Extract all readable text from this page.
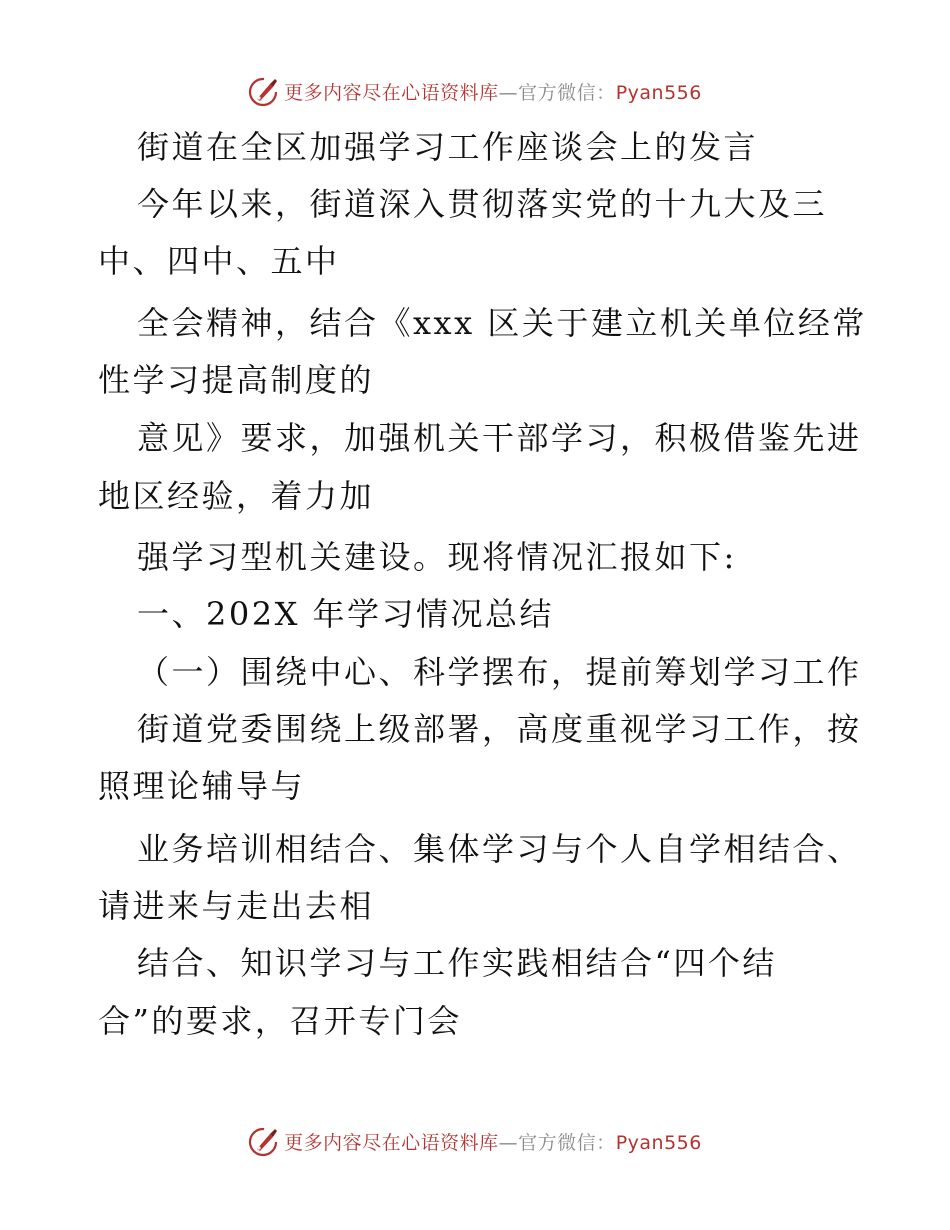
更多内容尽在心语资料库—官方微信：Pyan556
街道在全区加强学习工作座谈会上的发言
今年以来，街道深入贯彻落实党的十九大及三
中、四中、五中
全会精神，结合《xxx 区关于建立机关单位经常
性学习提高制度的
意见》要求，加强机关干部学习，积极借鉴先进
地区经验，着力加
强学习型机关建设。现将情况汇报如下:
一、202X 年学习情况总结
（一）围绕中心、科学摆布，提前筹划学习工作
街道党委围绕上级部署，高度重视学习工作，按
照理论辅导与
业务培训相结合、集体学习与个人自学相结合、
请进来与走出去相
结合、知识学习与工作实践相结合“四个结
合”的要求，召开专门会
更多内容尽在心语资料库—官方微信：Pyan556
